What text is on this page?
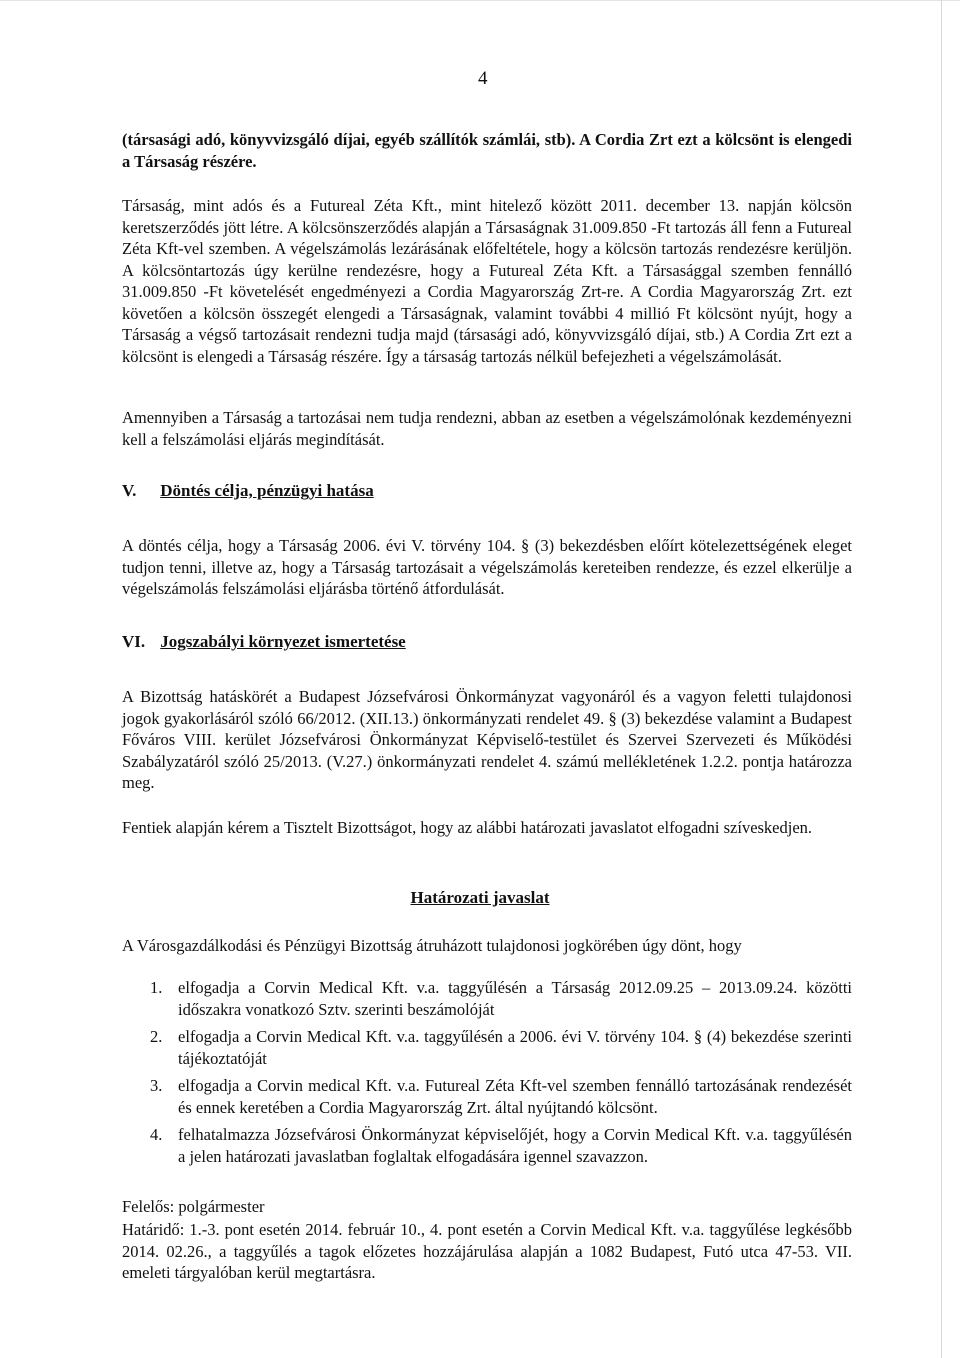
4
(társasági adó, könyvvizsgáló díjai, egyéb szállítók számlái, stb). A Cordia Zrt ezt a kölcsönt is elengedi a Társaság részére.
Társaság, mint adós és a Futureal Zéta Kft., mint hitelező között 2011. december 13. napján kölcsön keretszerződés jött létre. A kölcsönszerződés alapján a Társaságnak 31.009.850 -Ft tartozás áll fenn a Futureal Zéta Kft-vel szemben. A végelszámolás lezárásának előfeltétele, hogy a kölcsön tartozás rendezésre kerüljön. A kölcsöntartozás úgy kerülne rendezésre, hogy a Futureal Zéta Kft. a Társasággal szemben fennálló 31.009.850 -Ft követelését engedményezi a Cordia Magyarország Zrt-re. A Cordia Magyarország Zrt. ezt követően a kölcsön összegét elengedi a Társaságnak, valamint további 4 millió Ft kölcsönt nyújt, hogy a Társaság a végső tartozásait rendezni tudja majd (társasági adó, könyvvizsgáló díjai, stb.) A Cordia Zrt ezt a kölcsönt is elengedi a Társaság részére. Így a társaság tartozás nélkül befejezheti a végelszámolását.
Amennyiben a Társaság a tartozásai nem tudja rendezni, abban az esetben a végelszámolónak kezdeményezni kell a felszámolási eljárás megindítását.
V. Döntés célja, pénzügyi hatása
A döntés célja, hogy a Társaság 2006. évi V. törvény 104. § (3) bekezdésben előírt kötelezettségének eleget tudjon tenni, illetve az, hogy a Társaság tartozásait a végelszámolás kereteiben rendezze, és ezzel elkerülje a végelszámolás felszámolási eljárásba történő átfordulását.
VI. Jogszabályi környezet ismertetése
A Bizottság hatáskörét a Budapest Józsefvárosi Önkormányzat vagyonáról és a vagyon feletti tulajdonosi jogok gyakorlásáról szóló 66/2012. (XII.13.) önkormányzati rendelet 49. § (3) bekezdése valamint a Budapest Főváros VIII. kerület Józsefvárosi Önkormányzat Képviselő-testület és Szervei Szervezeti és Működési Szabályzatáról szóló 25/2013. (V.27.) önkormányzati rendelet 4. számú mellékletének 1.2.2. pontja határozza meg.
Fentiek alapján kérem a Tisztelt Bizottságot, hogy az alábbi határozati javaslatot elfogadni szíveskedjen.
Határozati javaslat
A Városgazdálkodási és Pénzügyi Bizottság átruházott tulajdonosi jogkörében úgy dönt, hogy
1. elfogadja a Corvin Medical Kft. v.a. taggyűlésén a Társaság 2012.09.25 – 2013.09.24. közötti időszakra vonatkozó Sztv. szerinti beszámolóját
2. elfogadja a Corvin Medical Kft. v.a. taggyűlésén a 2006. évi V. törvény 104. § (4) bekezdése szerinti tájékoztatóját
3. elfogadja a Corvin medical Kft. v.a. Futureal Zéta Kft-vel szemben fennálló tartozásának rendezését és ennek keretében a Cordia Magyarország Zrt. által nyújtandó kölcsönt.
4. felhatalmazza Józsefvárosi Önkormányzat képviselőjét, hogy a Corvin Medical Kft. v.a. taggyűlésén a jelen határozati javaslatban foglaltak elfogadására igennel szavazzon.
Felelős: polgármester
Határidő: 1.-3. pont esetén 2014. február 10., 4. pont esetén a Corvin Medical Kft. v.a. taggyűlése legkésőbb 2014. 02.26., a taggyűlés a tagok előzetes hozzájárulása alapján a 1082 Budapest, Futó utca 47-53. VII. emeleti tárgyalóban kerül megtartásra.
